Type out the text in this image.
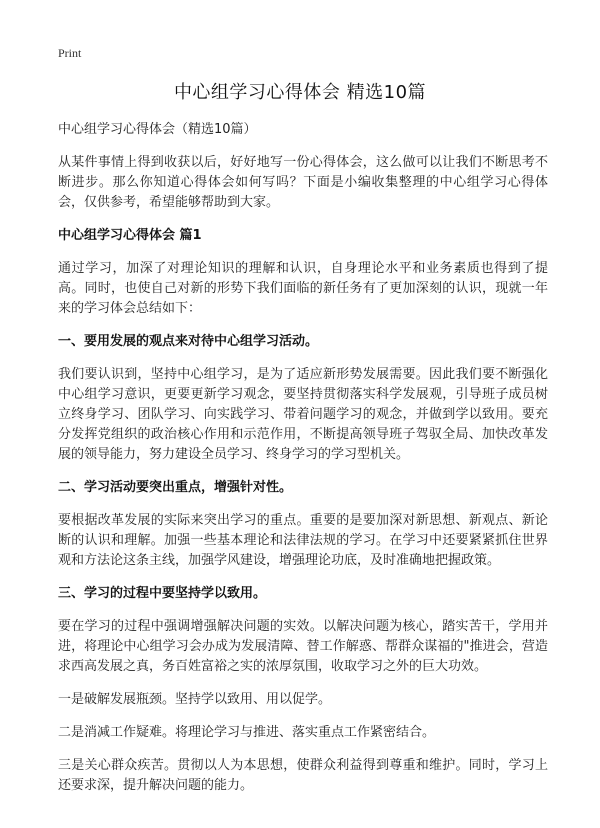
Print
中心组学习心得体会 精选10篇

中心组学习心得体会（精选10篇）

从某件事情上得到收获以后，好好地写一份心得体会，这么做可以让我们不断思考不断进步。那么你知道心得体会如何写吗？下面是小编收集整理的中心组学习心得体会，仅供参考，希望能够帮助到大家。

中心组学习心得体会 篇1

通过学习，加深了对理论知识的理解和认识，自身理论水平和业务素质也得到了提高。同时，也使自己对新的形势下我们面临的新任务有了更加深刻的认识，现就一年来的学习体会总结如下：

一、要用发展的观点来对待中心组学习活动。

我们要认识到，坚持中心组学习，是为了适应新形势发展需要。因此我们要不断强化中心组学习意识，更要更新学习观念，要坚持贯彻落实科学发展观，引导班子成员树立终身学习、团队学习、向实践学习、带着问题学习的观念，并做到学以致用。要充分发挥党组织的政治核心作用和示范作用，不断提高领导班子驾驭全局、加快改革发展的领导能力，努力建设全员学习、终身学习的学习型机关。

二、学习活动要突出重点，增强针对性。

要根据改革发展的实际来突出学习的重点。重要的是要加深对新思想、新观点、新论断的认识和理解。加强一些基本理论和法律法规的学习。在学习中还要紧紧抓住世界观和方法论这条主线，加强学风建设，增强理论功底，及时准确地把握政策。

三、学习的过程中要坚持学以致用。

要在学习的过程中强调增强解决问题的实效。以解决问题为核心，踏实苦干，学用并进，将理论中心组学习会办成为发展清障、替工作解惑、帮群众谋福的"推进会，营造求西高发展之真，务百姓富裕之实的浓厚氛围，收取学习之外的巨大功效。

一是破解发展瓶颈。坚持学以致用、用以促学。

二是消减工作疑难。将理论学习与推进、落实重点工作紧密结合。

三是关心群众疾苦。贯彻以人为本思想，使群众利益得到尊重和维护。同时，学习上还要求深，提升解决问题的能力。
